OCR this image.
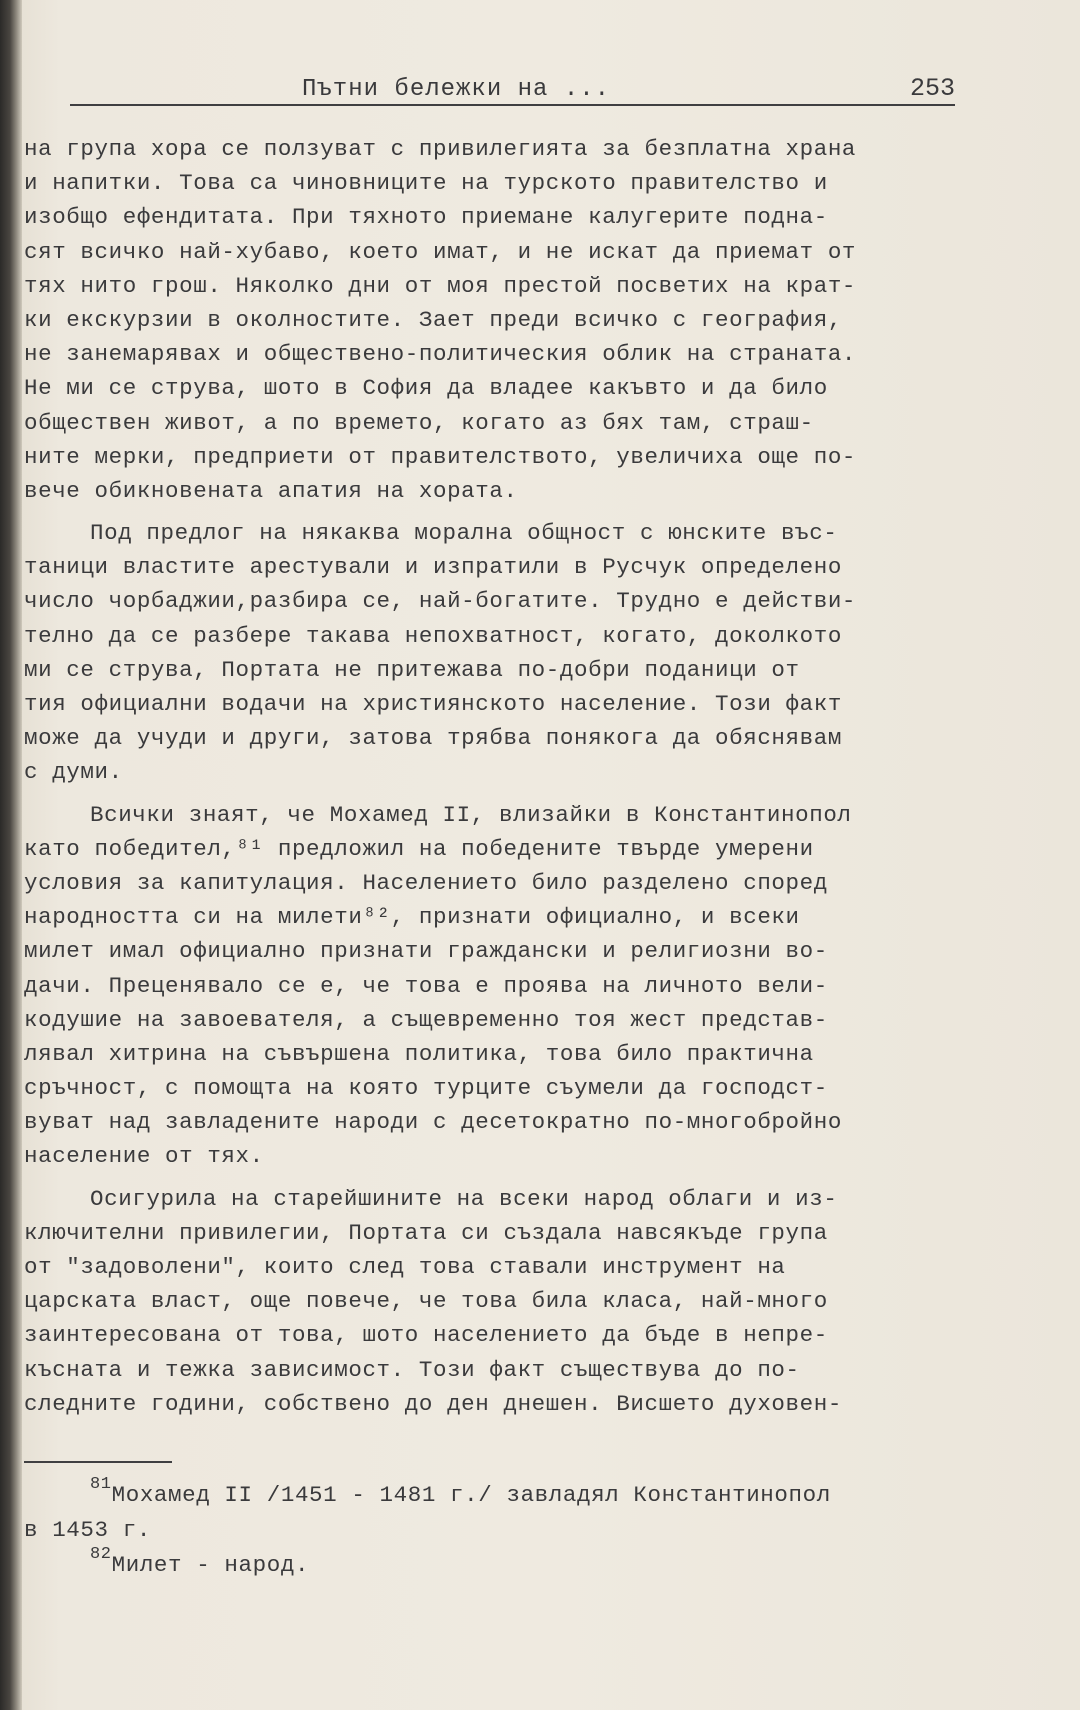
Пътни бележки на ...	253
на група хора се ползуват с привилегията за безплатна храна
и напитки. Това са чиновниците на турското правителство и
изобщо ефендитата. При тяхното приемане калугерите подна-
сят всичко най-хубаво, което имат, и не искат да приемат от
тях нито грош. Няколко дни от моя престой посветих на крат-
ки екскурзии в околностите. Зает преди всичко с география,
не занемарявах и обществено-политическия облик на страната.
Не ми се струва, шото в София да владее какъвто и да било
обществен живот, а по времето, когато аз бях там, страш-
ните мерки, предприети от правителството, увеличиха още по-
вече обикновената апатия на хората.
Под предлог на някаква морална общност с юнските въс-
таници властите арестували и изпратили в Русчук определено
число чорбаджии,разбира се, най-богатите. Трудно е действи-
телно да се разбере такава непохватност, когато, доколкото
ми се струва, Портата не притежава по-добри поданици от
тия официални водачи на християнското население. Този факт
може да учуди и други, затова трябва понякога да обяснявам
с думи.
Всички знаят, че Мохамед II, влизайки в Константинопол
като победител,⁸¹ предложил на победените твърде умерени
условия за капитулация. Населението било разделено според
народността си на милети⁸², признати официално, и всеки
милет имал официално признати граждански и религиозни во-
дачи. Преценявало се е, че това е проява на личното вели-
кодушие на завоевателя, а същевременно тоя жест представ-
лявал хитрина на съвършена политика, това било практична
сръчност, с помощта на която турците съумели да господст-
вуват над завладените народи с десетократно по-многобройно
население от тях.
Осигурила на старейшините на всеки народ облаги и из-
ключителни привилегии, Портата си създала навсякъде група
от "задоволени", които след това ставали инструмент на
царската власт, още повече, че това била класа, най-много
заинтересована от това, шото населението да бъде в непре-
късната и тежка зависимост. Този факт съществува до по-
следните години, собствено до ден днешен. Висшето духовен-
$^{81}$Мохамед II /1451 - 1481 г./ завладял Константинопол
в 1453 г.
$^{82}$Милет - народ.
